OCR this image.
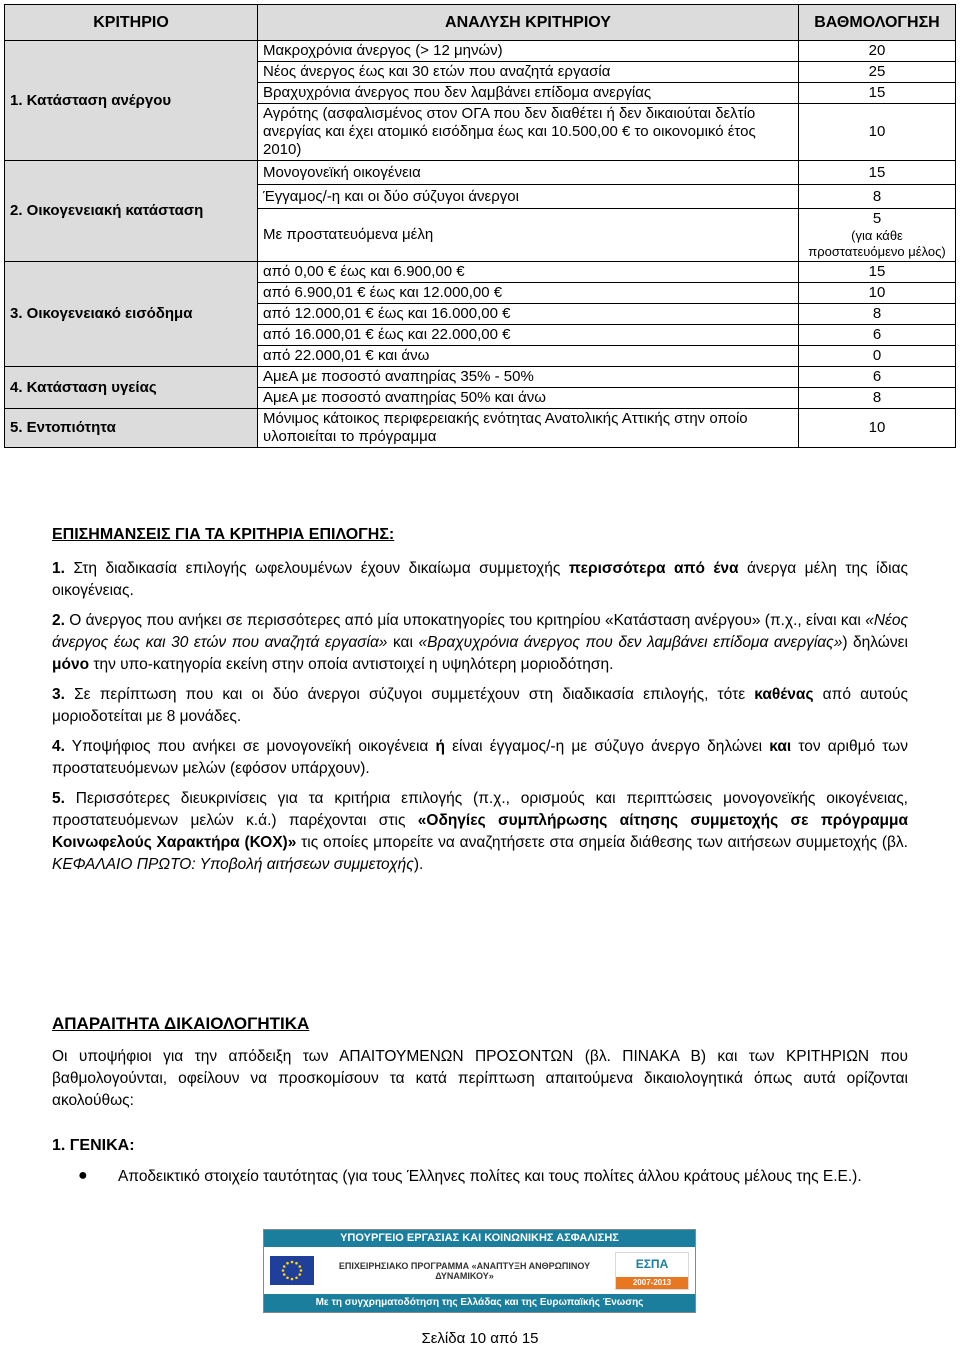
ΚΡΙΤΗΡΙΟ	ΑΝΑΛΥΣΗ ΚΡΙΤΗΡΙΟΥ	ΒΑΘΜΟΛΟΓΗΣΗ
1. Κατάσταση ανέργου	Μακροχρόνια άνεργος (> 12 μηνών)	20
	Νέος άνεργος έως και 30 ετών που αναζητά εργασία	25
	Βραχυχρόνια άνεργος που δεν λαμβάνει επίδομα ανεργίας	15
	Αγρότης (ασφαλισμένος στον ΟΓΑ που δεν διαθέτει ή δεν δικαιούται δελτίο ανεργίας και έχει ατομικό εισόδημα έως και 10.500,00 € το οικονομικό έτος 2010)	10
2. Οικογενειακή κατάσταση	Μονογονεϊκή οικογένεια	15
	Έγγαμος/-η και οι δύο σύζυγοι άνεργοι	8
	Με προστατευόμενα μέλη	5
(για κάθε προστατευόμενο μέλος)

3. Οικογενειακό εισόδημα	από 0,00 € έως και 6.900,00 €	15
	από 6.900,01 € έως και 12.000,00 €	10
	από 12.000,01 € έως και 16.000,00 €	8
	από 16.000,01 € έως και 22.000,00 €	6
	από 22.000,01 € και άνω	0
4. Κατάσταση υγείας	ΑμεΑ με ποσοστό αναπηρίας 35% - 50%	6
	ΑμεΑ με ποσοστό αναπηρίας 50% και άνω	8
5. Εντοπιότητα	Μόνιμος κάτοικος περιφερειακής ενότητας Ανατολικής Αττικής στην οποίο υλοποιείται το πρόγραμμα	10
ΕΠΙΣΗΜΑΝΣΕΙΣ ΓΙΑ ΤΑ ΚΡΙΤΗΡΙΑ ΕΠΙΛΟΓΗΣ:

1. Στη διαδικασία επιλογής ωφελουμένων έχουν δικαίωμα συμμετοχής περισσότερα από ένα άνεργα μέλη της ίδιας οικογένειας.

2. Ο άνεργος που ανήκει σε περισσότερες από μία υποκατηγορίες του κριτηρίου «Κατάσταση ανέργου» (π.χ., είναι και «Νέος άνεργος έως και 30 ετών που αναζητά εργασία» και «Βραχυχρόνια άνεργος που δεν λαμβάνει επίδομα ανεργίας») δηλώνει μόνο την υπο-κατηγορία εκείνη στην οποία αντιστοιχεί η υψηλότερη μοριοδότηση.

3. Σε περίπτωση που και οι δύο άνεργοι σύζυγοι συμμετέχουν στη διαδικασία επιλογής, τότε καθένας από αυτούς μοριοδοτείται με 8 μονάδες.

4. Υποψήφιος που ανήκει σε μονογονεϊκή οικογένεια ή είναι έγγαμος/-η με σύζυγο άνεργο δηλώνει και τον αριθμό των προστατευόμενων μελών (εφόσον υπάρχουν).

5. Περισσότερες διευκρινίσεις για τα κριτήρια επιλογής (π.χ., ορισμούς και περιπτώσεις μονογονεϊκής οικογένειας, προστατευόμενων μελών κ.ά.) παρέχονται στις «Οδηγίες συμπλήρωσης αίτησης συμμετοχής σε πρόγραμμα Κοινωφελούς Χαρακτήρα (ΚΟΧ)» τις οποίες μπορείτε να αναζητήσετε στα σημεία διάθεσης των αιτήσεων συμμετοχής (βλ. ΚΕΦΑΛΑΙΟ ΠΡΩΤΟ: Υποβολή αιτήσεων συμμετοχής).

ΑΠΑΡΑΙΤΗΤΑ ΔΙΚΑΙΟΛΟΓΗΤΙΚΑ
Οι υποψήφιοι για την απόδειξη των ΑΠΑΙΤΟΥΜΕΝΩΝ ΠΡΟΣΟΝΤΩΝ (βλ. ΠΙΝΑΚΑ Β) και των ΚΡΙΤΗΡΙΩΝ που βαθμολογούνται, οφείλουν να προσκομίσουν τα κατά περίπτωση απαιτούμενα δικαιολογητικά όπως αυτά ορίζονται ακολούθως:
1. ΓΕΝΙΚΑ:
● Αποδεικτικό στοιχείο ταυτότητας (για τους Έλληνες πολίτες και τους πολίτες άλλου κράτους μέλους της Ε.Ε.).
ΥΠΟΥΡΓΕΙΟ ΕΡΓΑΣΙΑΣ ΚΑΙ ΚΟΙΝΩΝΙΚΗΣ ΑΣΦΑΛΙΣΗΣ
ΕΠΙΧΕΙΡΗΣΙΑΚΟ ΠΡΟΓΡΑΜΜΑ «ΑΝΑΠΤΥΞΗ ΑΝΘΡΩΠΙΝΟΥ ΔΥΝΑΜΙΚΟΥ»
ΕΣΠΑ
2007-2013
Με τη συγχρηματοδότηση της Ελλάδας και της Ευρωπαϊκής Ένωσης
Σελίδα 10 από 15
